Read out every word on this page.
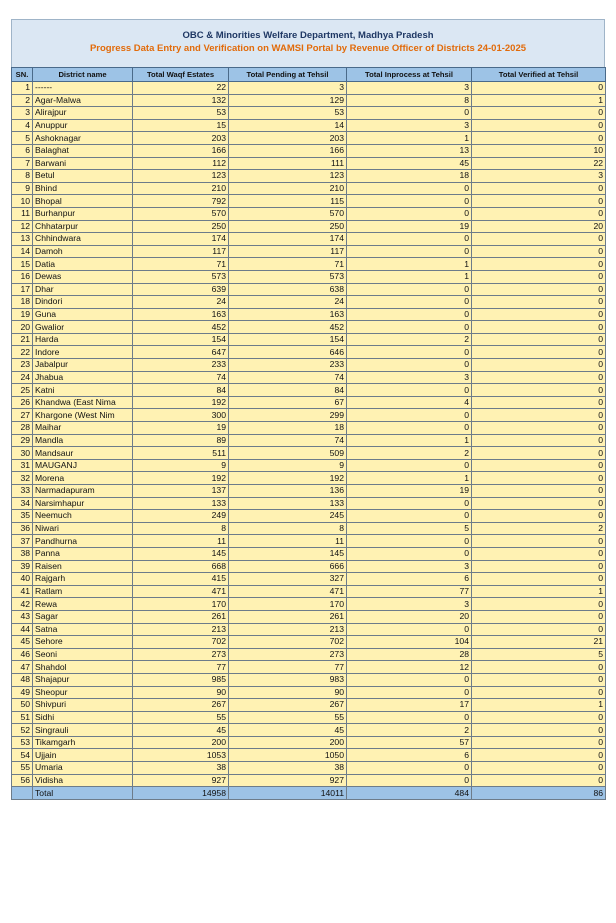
OBC & Minorities Welfare Department, Madhya Pradesh
Progress Data Entry and Verification on WAMSI Portal by Revenue Officer of Districts 24-01-2025
SN.	District name	Total Waqf Estates	Total Pending at Tehsil	Total Inprocess at Tehsil	Total Verified at Tehsil
1	------	22	3	3	0
2	Agar-Malwa	132	129	8	1
3	Alirajpur	53	53	0	0
4	Anuppur	15	14	3	0
5	Ashoknagar	203	203	1	0
6	Balaghat	166	166	13	10
7	Barwani	112	111	45	22
8	Betul	123	123	18	3
9	Bhind	210	210	0	0
10	Bhopal	792	115	0	0
11	Burhanpur	570	570	0	0
12	Chhatarpur	250	250	19	20
13	Chhindwara	174	174	0	0
14	Damoh	117	117	0	0
15	Datia	71	71	1	0
16	Dewas	573	573	1	0
17	Dhar	639	638	0	0
18	Dindori	24	24	0	0
19	Guna	163	163	0	0
20	Gwalior	452	452	0	0
21	Harda	154	154	2	0
22	Indore	647	646	0	0
23	Jabalpur	233	233	0	0
24	Jhabua	74	74	3	0
25	Katni	84	84	0	0
26	Khandwa (East Nima	192	67	4	0
27	Khargone (West Nim	300	299	0	0
28	Maihar	19	18	0	0
29	Mandla	89	74	1	0
30	Mandsaur	511	509	2	0
31	MAUGANJ	9	9	0	0
32	Morena	192	192	1	0
33	Narmadapuram	137	136	19	0
34	Narsimhapur	133	133	0	0
35	Neemuch	249	245	0	0
36	Niwari	8	8	5	2
37	Pandhurna	11	11	0	0
38	Panna	145	145	0	0
39	Raisen	668	666	3	0
40	Rajgarh	415	327	6	0
41	Ratlam	471	471	77	1
42	Rewa	170	170	3	0
43	Sagar	261	261	20	0
44	Satna	213	213	0	0
45	Sehore	702	702	104	21
46	Seoni	273	273	28	5
47	Shahdol	77	77	12	0
48	Shajapur	985	983	0	0
49	Sheopur	90	90	0	0
50	Shivpuri	267	267	17	1
51	Sidhi	55	55	0	0
52	Singrauli	45	45	2	0
53	Tikamgarh	200	200	57	0
54	Ujjain	1053	1050	6	0
55	Umaria	38	38	0	0
56	Vidisha	927	927	0	0
	Total	14958	14011	484	86
